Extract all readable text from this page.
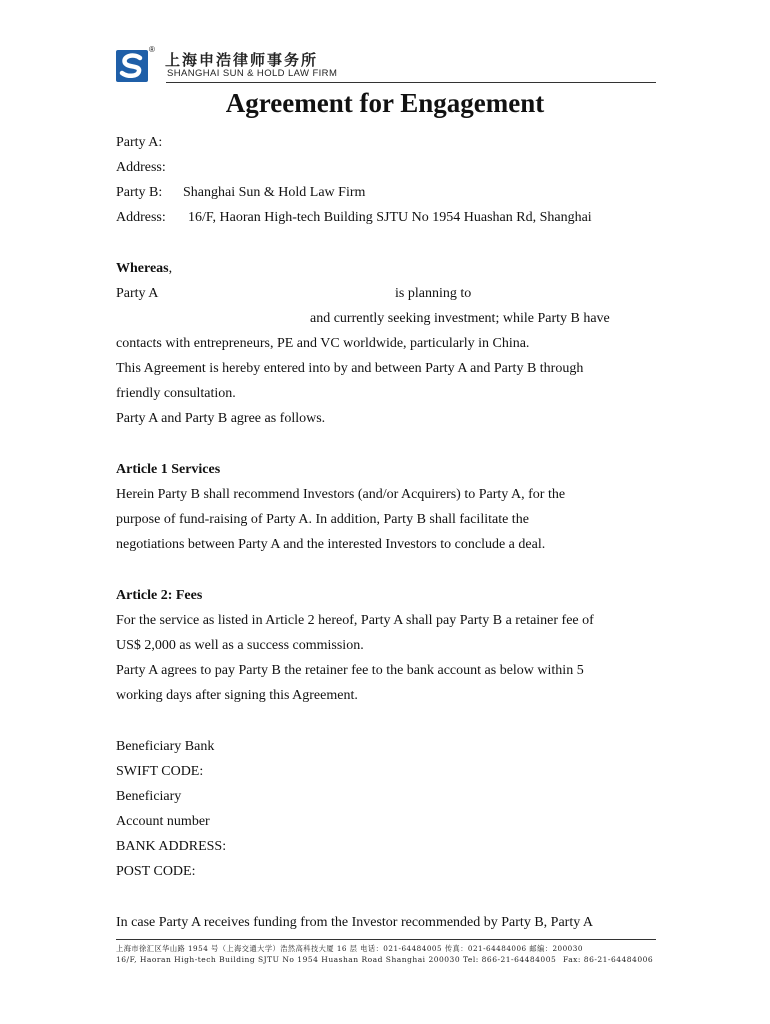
®
上海申浩律师事务所
SHANGHAI SUN & HOLD LAW FIRM
Agreement for Engagement
Party A:
Address:
Party B: Shanghai Sun & Hold Law Firm
Address: 16/F, Haoran High-tech Building SJTU No 1954 Huashan Rd, Shanghai
Whereas,
Party A	is planning to
and currently seeking investment; while Party B have
contacts with entrepreneurs, PE and VC worldwide, particularly in China.
This Agreement is hereby entered into by and between Party A and Party B through
friendly consultation.
Party A and Party B agree as follows.
Article 1 Services
Herein Party B shall recommend Investors (and/or Acquirers) to Party A, for the
purpose of fund-raising of Party A. In addition, Party B shall facilitate the
negotiations between Party A and the interested Investors to conclude a deal.
Article 2: Fees
For the service as listed in Article 2 hereof, Party A shall pay Party B a retainer fee of
US$ 2,000 as well as a success commission.
Party A agrees to pay Party B the retainer fee to the bank account as below within 5
working days after signing this Agreement.
Beneficiary Bank
SWIFT CODE:
Beneficiary
Account number
BANK ADDRESS:
POST CODE:
In case Party A receives funding from the Investor recommended by Party B, Party A
上海市徐汇区华山路 1954 号（上海交通大学）浩然高科技大厦 16 层 电话：021-64484005 传真：021-64484006 邮编：200030
16/F, Haoran High-tech Building SJTU No 1954 Huashan Road Shanghai 200030 Tel: 866-21-64484005 Fax: 86-21-64484006
